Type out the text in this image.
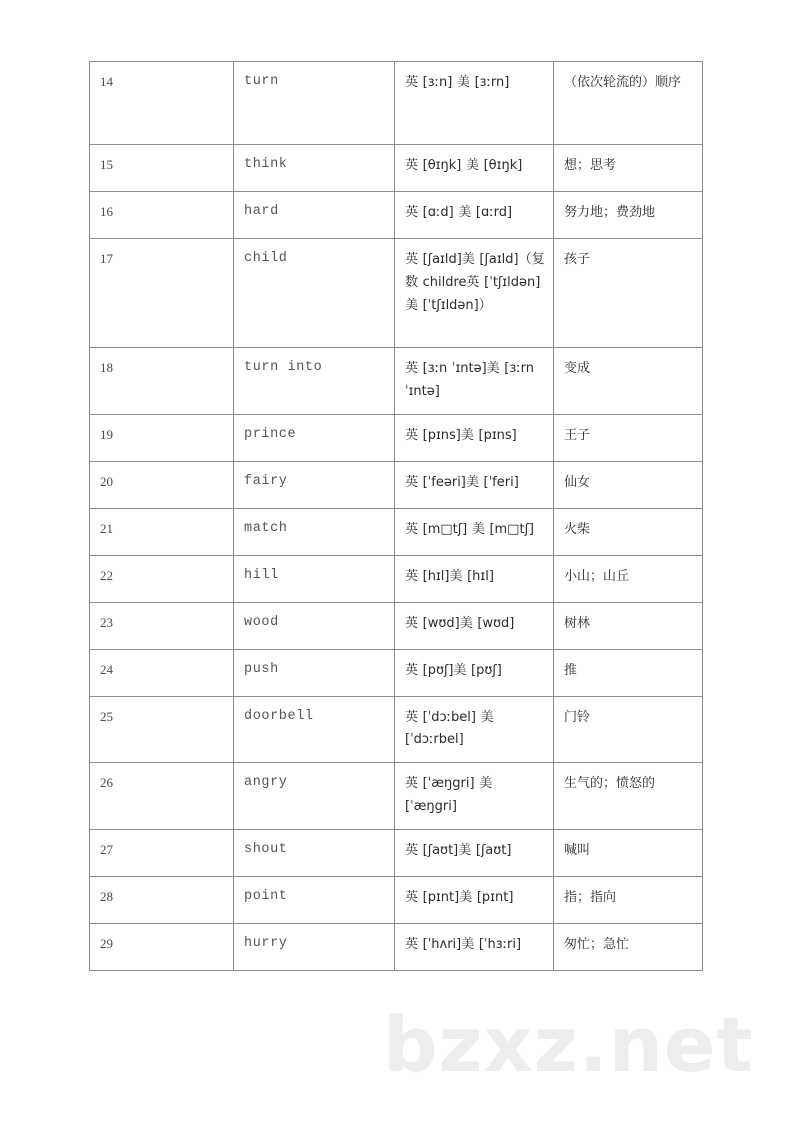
14	turn	英 [ɜːn] 美 [ɜːrn]	（依次轮流的）顺序
15	think	英 [θɪŋk] 美 [θɪŋk]	想；思考
16	hard	英 [ɑːd] 美 [ɑːrd]	努力地；费劲地
17	child	英 [ʃaɪld]美 [ʃaɪld]（复数 childre英 [ˈtʃɪldən]美 [ˈtʃɪldən]）	孩子
18	turn into	英 [ɜːn ˈɪntə]美 [ɜːrn ˈɪntə]	变成
19	prince	英 [pɪns]美 [pɪns]	王子
20	fairy	英 [ˈfeəri]美 [ˈferi]	仙女
21	match	英 [m□tʃ] 美 [m□tʃ]	火柴
22	hill	英 [hɪl]美 [hɪl]	小山；山丘
23	wood	英 [wʊd]美 [wʊd]	树林
24	push	英 [pʊʃ]美 [pʊʃ]	推
25	doorbell	英 [ˈdɔːbel] 美 [ˈdɔːrbel]	门铃
26	angry	英 [ˈæŋgri] 美 [ˈæŋgri]	生气的；愤怒的
27	shout	英 [ʃaʊt]美 [ʃaʊt]	喊叫
28	point	英 [pɪnt]美 [pɪnt]	指；指向
29	hurry	英 [ˈhʌri]美 [ˈhɜːri]	匆忙；急忙
bzxz.net
